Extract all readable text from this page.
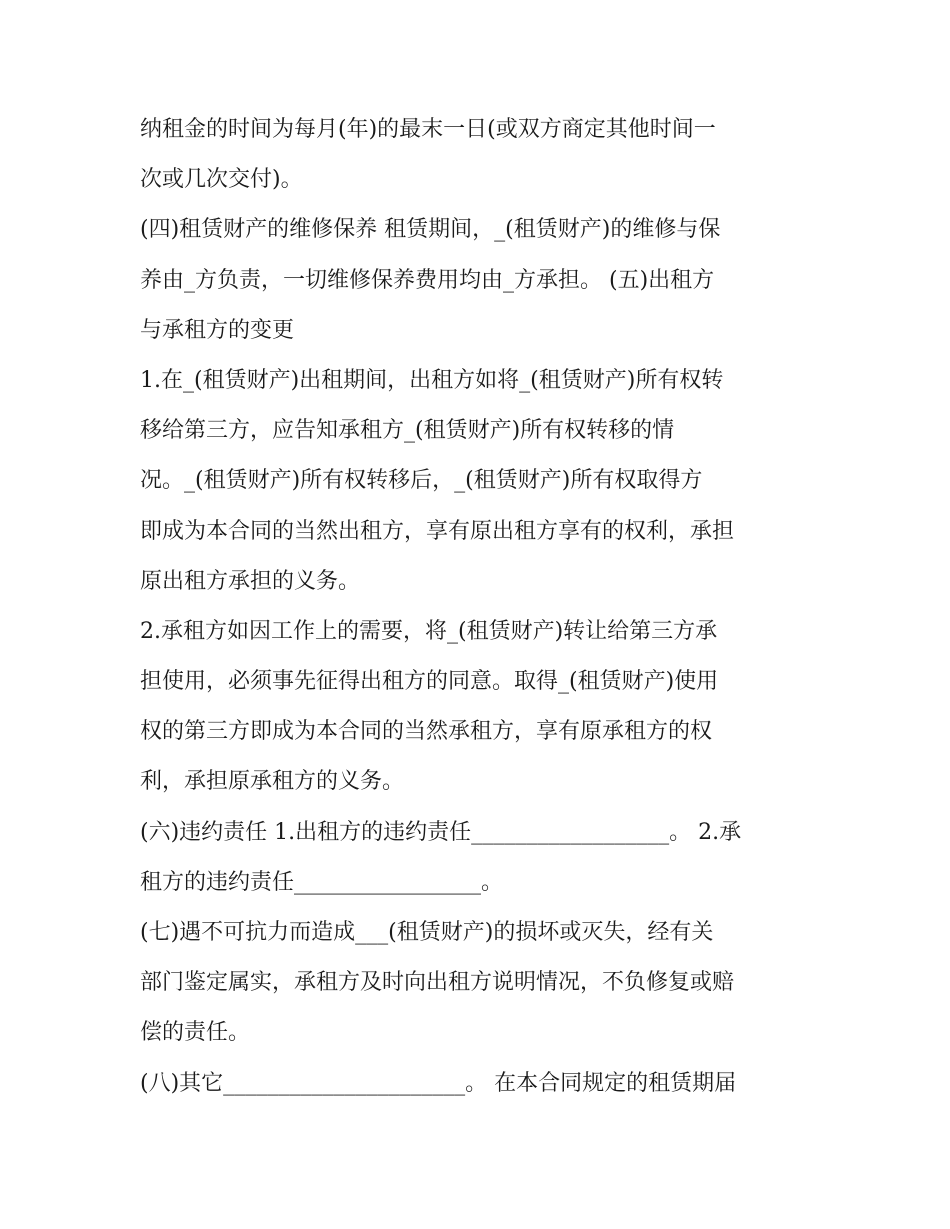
纳租金的时间为每月(年)的最末一日(或双方商定其他时间一
次或几次交付)。
(四)租赁财产的维修保养 租赁期间，_(租赁财产)的维修与保
养由_方负责，一切维修保养费用均由_方承担。 (五)出租方
与承租方的变更
1.在_(租赁财产)出租期间，出租方如将_(租赁财产)所有权转
移给第三方，应告知承租方_(租赁财产)所有权转移的情
况。_(租赁财产)所有权转移后，_(租赁财产)所有权取得方
即成为本合同的当然出租方，享有原出租方享有的权利，承担
原出租方承担的义务。
2.承租方如因工作上的需要，将_(租赁财产)转让给第三方承
担使用，必须事先征得出租方的同意。取得_(租赁财产)使用
权的第三方即成为本合同的当然承租方，享有原承租方的权
利，承担原承租方的义务。
(六)违约责任 1.出租方的违约责任__________________。 2.承
租方的违约责任_________________。
(七)遇不可抗力而造成___(租赁财产)的损坏或灭失，经有关
部门鉴定属实，承租方及时向出租方说明情况，不负修复或赔
偿的责任。
(八)其它______________________。 在本合同规定的租赁期届
